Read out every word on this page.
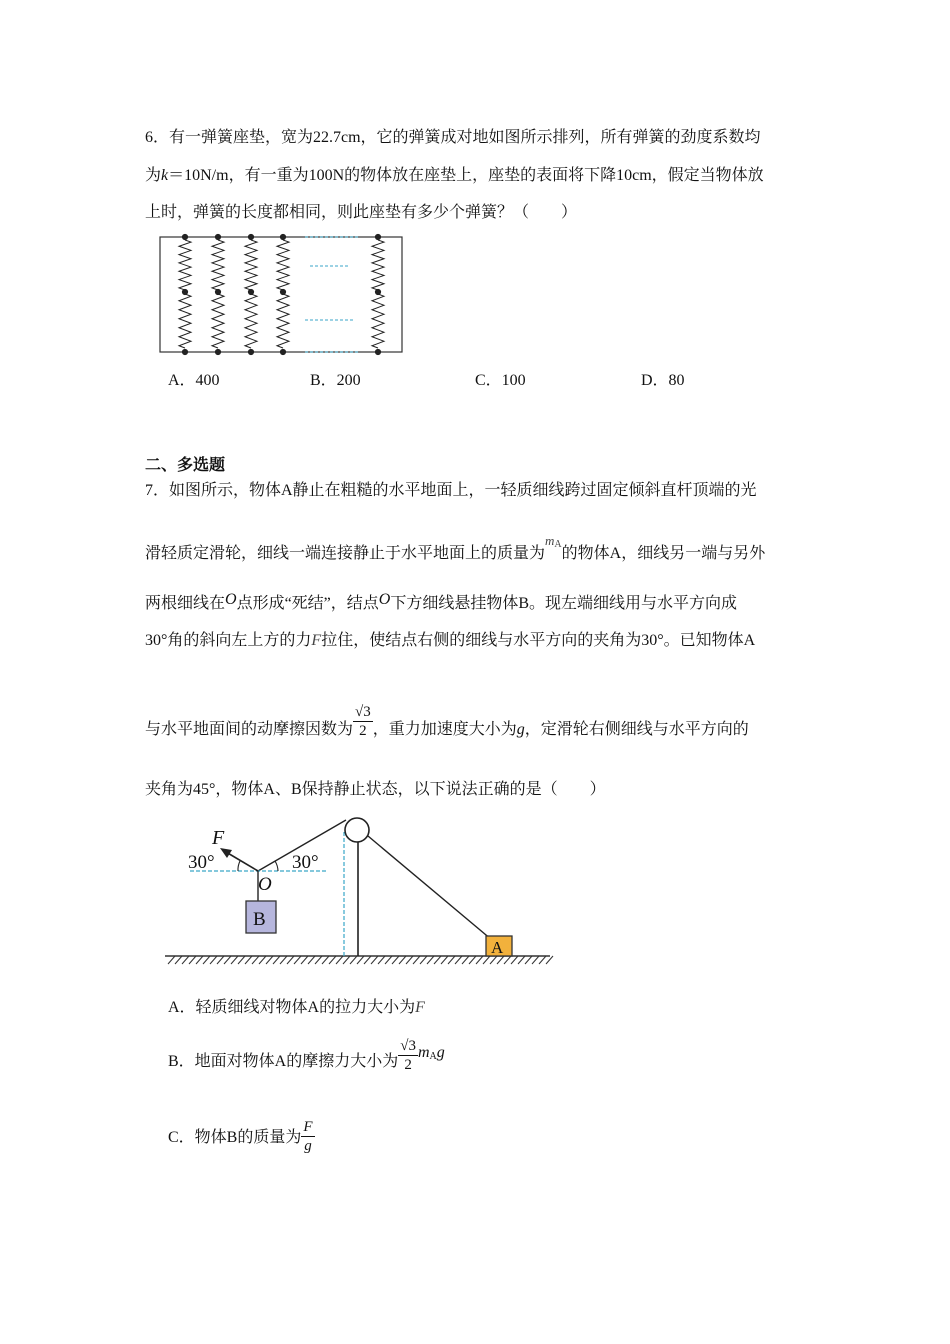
6．有一弹簧座垫，宽为22.7cm，它的弹簧成对地如图所示排列，所有弹簧的劲度系数均
为k＝10N/m，有一重为100N的物体放在座垫上，座垫的表面将下降10cm，假定当物体放
上时，弹簧的长度都相同，则此座垫有多少个弹簧？（　　）
A．400	B．200	C．100	D．80
二、多选题
7．如图所示，物体A静止在粗糙的水平地面上，一轻质细线跨过固定倾斜直杆顶端的光
滑轻质定滑轮，细线一端连接静止于水平地面上的质量为$^{m_A}$的物体A，细线另一端与另外
两根细线在O点形成“死结”，结点O下方细线悬挂物体B。现左端细线用与水平方向成
30°角的斜向左上方的力F拉住，使结点右侧的细线与水平方向的夹角为30°。已知物体A
与水平地面间的动摩擦因数为 $\frac{√3}{2}$ ，重力加速度大小为g，定滑轮右侧细线与水平方向的
夹角为45°，物体A、B保持静止状态，以下说法正确的是（　　）
F
30°	30°
O
B
A
A．轻质细线对物体A的拉力大小为F
B．地面对物体A的摩擦力大小为 $\frac{√3}{2} m_Ag$
C．物体B的质量为 $\frac{F}{g}$
